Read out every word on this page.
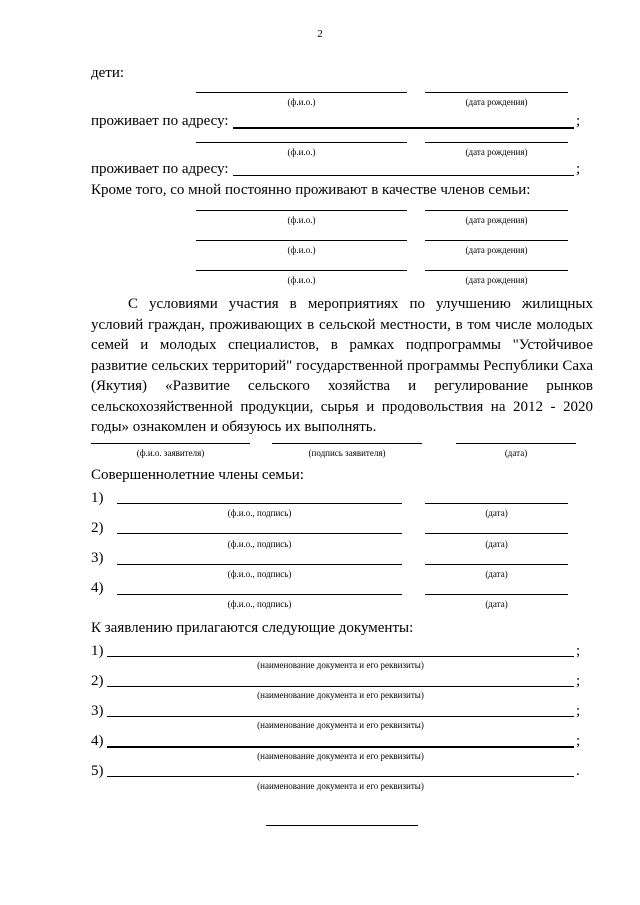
2
дети:
(ф.и.о.)	(дата рождения)
проживает по адресу:	;
(ф.и.о.)	(дата рождения)
проживает по адресу:	;
Кроме того, со мной постоянно проживают в качестве членов семьи:
(ф.и.о.)	(дата рождения)
(ф.и.о.)	(дата рождения)
(ф.и.о.)	(дата рождения)
С условиями участия в мероприятиях по улучшению жилищных условий граждан, проживающих в сельской местности, в том числе молодых семей и молодых специалистов, в рамках подпрограммы "Устойчивое развитие сельских территорий" государственной программы Республики Саха (Якутия) «Развитие сельского хозяйства и регулирование рынков сельскохозяйственной продукции, сырья и продовольствия на 2012 - 2020 годы» ознакомлен и обязуюсь их выполнять.
(ф.и.о. заявителя)	(подпись заявителя)	(дата)
Совершеннолетние члены семьи:
1)
(ф.и.о., подпись)	(дата)
2)
(ф.и.о., подпись)	(дата)
3)
(ф.и.о., подпись)	(дата)
4)
(ф.и.о., подпись)	(дата)
К заявлению прилагаются следующие документы:
1)	;
(наименование документа и его реквизиты)
2)	;
(наименование документа и его реквизиты)
3)	;
(наименование документа и его реквизиты)
4)	;
(наименование документа и его реквизиты)
5)	.
(наименование документа и его реквизиты)
